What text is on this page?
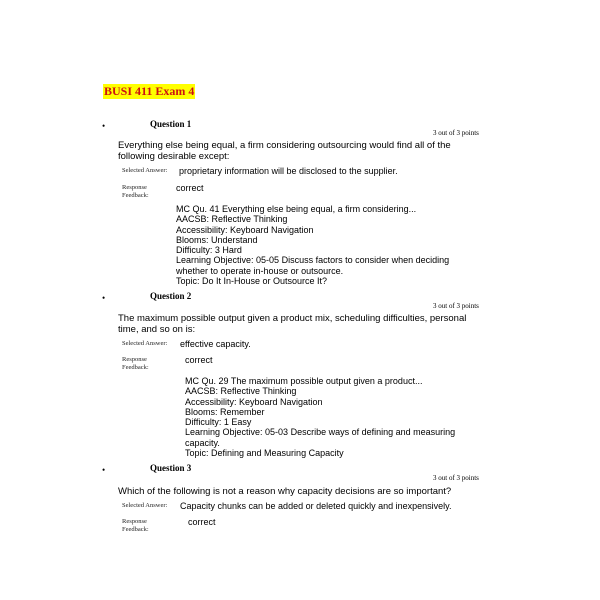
BUSI 411 Exam 4
•	Question 1
3 out of 3 points
Everything else being equal, a firm considering outsourcing would find all of the
following desirable except:
Selected Answer: proprietary information will be disclosed to the supplier.
Response
Feedback:
correct
MC Qu. 41 Everything else being equal, a firm considering...
AACSB: Reflective Thinking
Accessibility: Keyboard Navigation
Blooms: Understand
Difficulty: 3 Hard
Learning Objective: 05-05 Discuss factors to consider when deciding
whether to operate in-house or outsource.
Topic: Do It In-House or Outsource It?
•	Question 2
3 out of 3 points
The maximum possible output given a product mix, scheduling difficulties, personal
time, and so on is:
Selected Answer: effective capacity.
Response
Feedback:
correct
MC Qu. 29 The maximum possible output given a product...
AACSB: Reflective Thinking
Accessibility: Keyboard Navigation
Blooms: Remember
Difficulty: 1 Easy
Learning Objective: 05-03 Describe ways of defining and measuring
capacity.
Topic: Defining and Measuring Capacity
•	Question 3
3 out of 3 points
Which of the following is not a reason why capacity decisions are so important?
Selected Answer: Capacity chunks can be added or deleted quickly and inexpensively.
Response
Feedback:
correct
